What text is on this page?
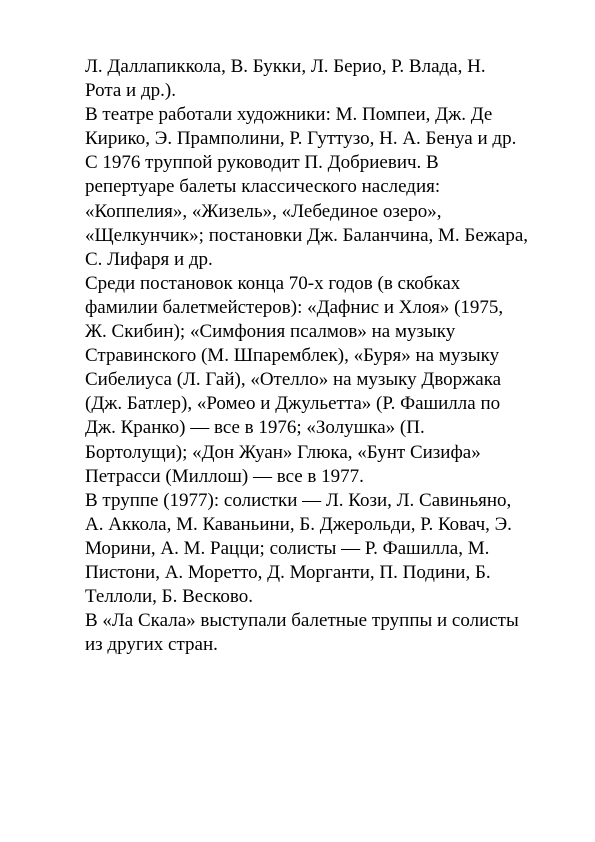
Л. Даллапиккола, В. Букки, Л. Берио, Р. Влада, Н.
Рота и др.).
В театре работали художники: М. Помпеи, Дж. Де
Кирико, Э. Прамполини, Р. Гуттузо, Н. А. Бенуа и др.
С 1976 труппой руководит П. Добриевич. В
репертуаре балеты классического наследия:
«Коппелия», «Жизель», «Лебединое озеро»,
«Щелкунчик»; постановки Дж. Баланчина, М. Бежара,
С. Лифаря и др.
Среди постановок конца 70-х годов (в скобках
фамилии балетмейстеров): «Дафнис и Хлоя» (1975,
Ж. Скибин); «Симфония псалмов» на музыку
Стравинского (М. Шпаремблек), «Буря» на музыку
Сибелиуса (Л. Гай), «Отелло» на музыку Дворжака
(Дж. Батлер), «Ромео и Джульетта» (Р. Фашилла по
Дж. Кранко) — все в 1976; «Золушка» (П.
Бортолущи); «Дон Жуан» Глюка, «Бунт Сизифа»
Петрасси (Миллош) — все в 1977.
В труппе (1977): солистки — Л. Кози, Л. Савиньяно,
А. Акколa, М. Каваньини, Б. Джерольди, Р. Ковач, Э.
Морини, А. М. Рацци; солисты — Р. Фашилла, М.
Пистони, А. Моретто, Д. Морганти, П. Подини, Б.
Теллоли, Б. Весково.
В «Ла Скала» выступали балетные труппы и солисты
из других стран.
